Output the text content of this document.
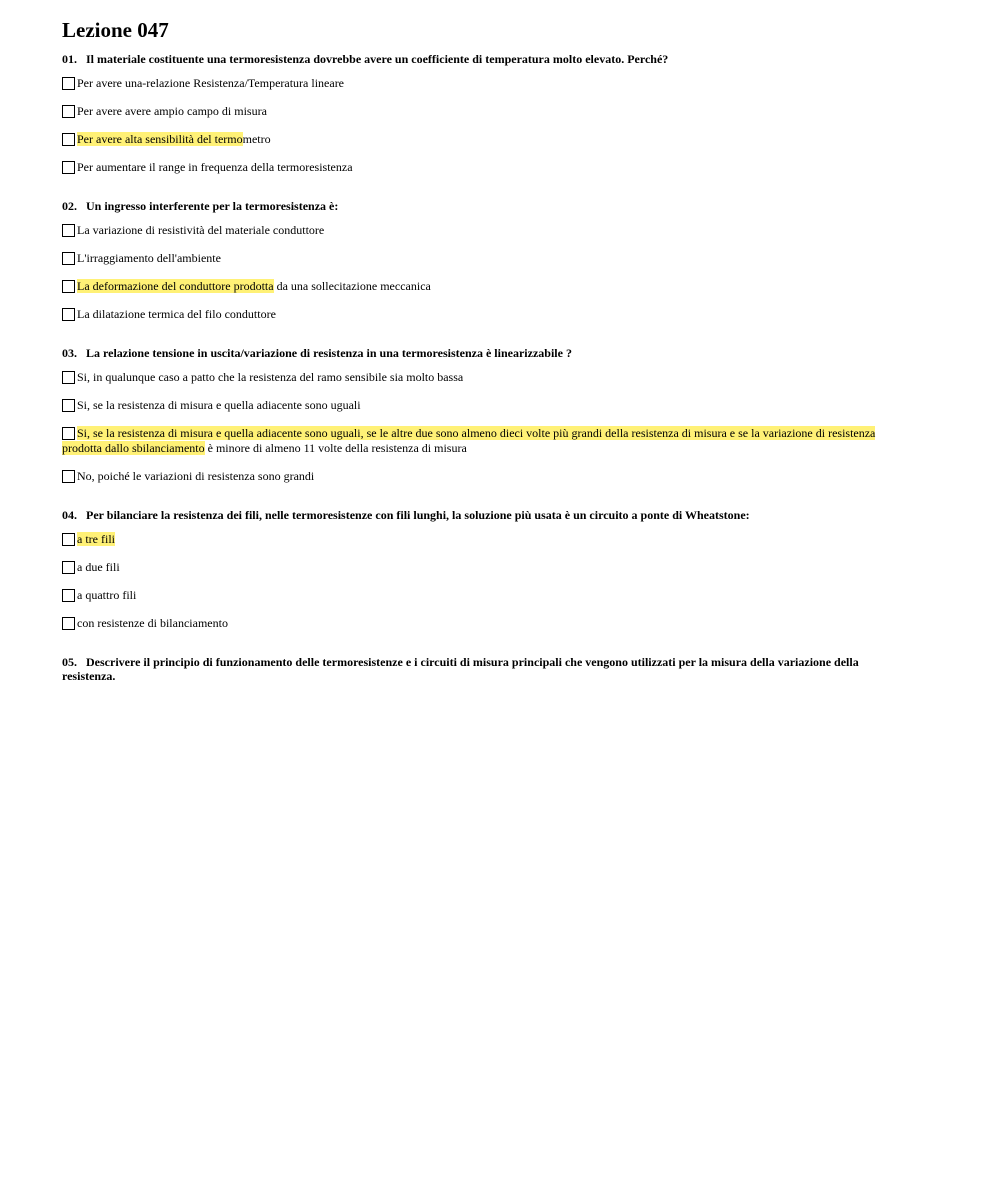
Lezione 047

01. Il materiale costituente una termoresistenza dovrebbe avere un coefficiente di temperatura molto elevato. Perché?

Per avere una-relazione Resistenza/Temperatura lineare
Per avere avere ampio campo di misura
Per avere alta sensibilità del termometro
Per aumentare il range in frequenza della termoresistenza

02. Un ingresso interferente per la termoresistenza è:

La variazione di resistività del materiale conduttore
L'irraggiamento dell'ambiente
La deformazione del conduttore prodotta da una sollecitazione meccanica
La dilatazione termica del filo conduttore

03. La relazione tensione in uscita/variazione di resistenza in una termoresistenza è linearizzabile ?

Si, in qualunque caso a patto che la resistenza del ramo sensibile sia molto bassa
Si, se la resistenza di misura e quella adiacente sono uguali
Si, se la resistenza di misura e quella adiacente sono uguali, se le altre due sono almeno dieci volte più grandi della resistenza di misura e se la variazione di resistenza prodotta dallo sbilanciamento è minore di almeno 11 volte della resistenza di misura
No, poiché le variazioni di resistenza sono grandi

04. Per bilanciare la resistenza dei fili, nelle termoresistenze con fili lunghi, la soluzione più usata è un circuito a ponte di Wheatstone:

a tre fili
a due fili
a quattro fili
con resistenze di bilanciamento

05. Descrivere il principio di funzionamento delle termoresistenze e i circuiti di misura principali che vengono utilizzati per la misura della variazione della resistenza.
